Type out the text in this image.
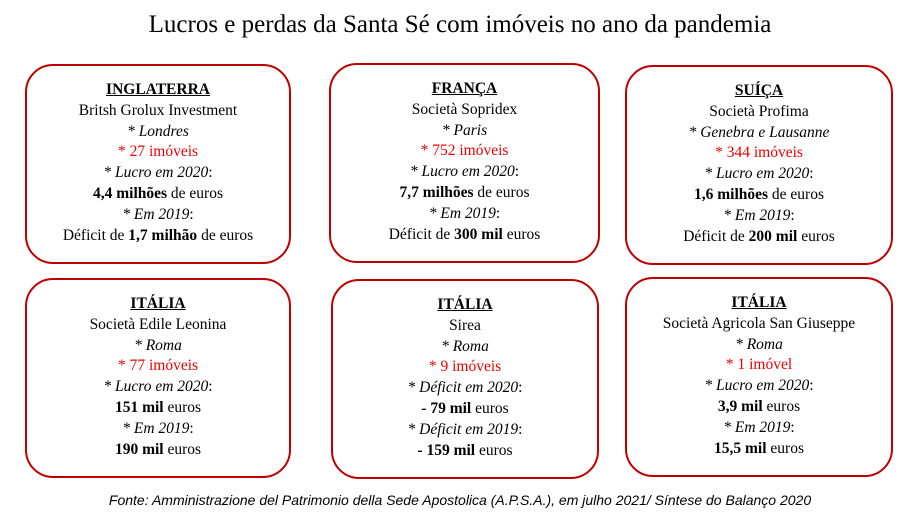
Lucros e perdas da Santa Sé com imóveis no ano da pandemia
INGLATERRA
Britsh Grolux Investment
* Londres
* 27 imóveis
* Lucro em 2020:
4,4 milhões de euros
* Em 2019:
Déficit de 1,7 milhão de euros
FRANÇA
Società Sopridex
* Paris
* 752 imóveis
* Lucro em 2020:
7,7 milhões de euros
* Em 2019:
Déficit de 300 mil euros
SUÍÇA
Società Profima
* Genebra e Lausanne
* 344 imóveis
* Lucro em 2020:
1,6 milhões de euros
* Em 2019:
Déficit de 200 mil euros
ITÁLIA
Società Edile Leonina
* Roma
* 77 imóveis
* Lucro em 2020:
151 mil euros
* Em 2019:
190 mil euros
ITÁLIA
Sirea
* Roma
* 9 imóveis
* Déficit em 2020:
- 79 mil euros
* Déficit em 2019:
- 159 mil euros
ITÁLIA
Società Agricola San Giuseppe
* Roma
* 1 imóvel
* Lucro em 2020:
3,9 mil euros
* Em 2019:
15,5 mil euros
Fonte: Amministrazione del Patrimonio della Sede Apostolica (A.P.S.A.), em julho 2021/ Síntese do Balanço 2020
